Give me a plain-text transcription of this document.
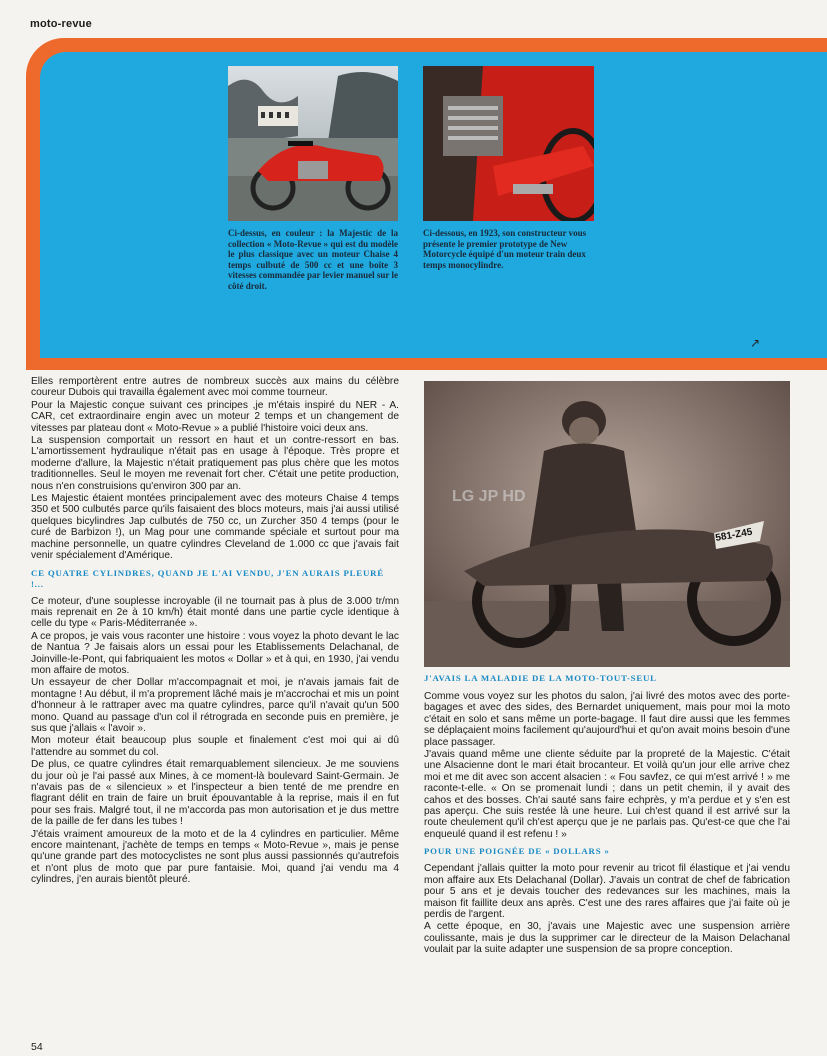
moto-revue
Ci-dessus, en couleur : la Majestic de la collection « Moto-Revue » qui est du modèle le plus classique avec un moteur Chaise 4 temps culbuté de 500 cc et une boîte 3 vitesses commandée par levier manuel sur le côté droit.
Ci-dessous, en 1923, son constructeur vous présente le premier prototype de New Motorcycle équipé d'un moteur train deux temps monocylindre.
↗

Elles remportèrent entre autres de nombreux succès aux mains du célèbre coureur Dubois qui travailla également avec moi comme tourneur.

Pour la Majestic conçue suivant ces principes ,je m'étais inspiré du NER - A. CAR, cet extraordinaire engin avec un moteur 2 temps et un changement de vitesses par plateau dont « Moto-Revue » a publié l'histoire voici deux ans.

La suspension comportait un ressort en haut et un contre-ressort en bas. L'amortissement hydraulique n'était pas en usage à l'époque. Très propre et moderne d'allure, la Majestic n'était pratiquement pas plus chère que les motos traditionnelles. Seul le moyen me revenait fort cher. C'était une petite production, nous n'en construisions qu'environ 300 par an.

Les Majestic étaient montées principalement avec des moteurs Chaise 4 temps 350 et 500 culbutés parce qu'ils faisaient des blocs moteurs, mais j'ai aussi utilisé quelques bicylindres Jap culbutés de 750 cc, un Zurcher 350 4 temps (pour le curé de Barbizon !), un Mag pour une commande spéciale et surtout pour ma machine personnelle, un quatre cylindres Cleveland de 1.000 cc que j'avais fait venir spécialement d'Amérique.

CE QUATRE CYLINDRES, QUAND JE L'AI VENDU, J'EN AURAIS PLEURÉ !...

Ce moteur, d'une souplesse incroyable (il ne tournait pas à plus de 3.000 tr/mn mais reprenait en 2e à 10 km/h) était monté dans une partie cycle identique à celle du type « Paris-Méditerranée ».

A ce propos, je vais vous raconter une histoire : vous voyez la photo devant le lac de Nantua ? Je faisais alors un essai pour les Etablissements Delachanal, de Joinville-le-Pont, qui fabriquaient les motos « Dollar » et à qui, en 1930, j'ai vendu mon affaire de motos.

Un essayeur de cher Dollar m'accompagnait et moi, je n'avais jamais fait de montagne ! Au début, il m'a proprement lâché mais je m'accrochai et mis un point d'honneur à le rattraper avec ma quatre cylindres, parce qu'il n'avait qu'un 500 mono. Quand au passage d'un col il rétrograda en seconde puis en première, je sus que j'allais « l'avoir ».

Mon moteur était beaucoup plus souple et finalement c'est moi qui ai dû l'attendre au sommet du col.

De plus, ce quatre cylindres était remarquablement silencieux. Je me souviens du jour où je l'ai passé aux Mines, à ce moment-là boulevard Saint-Germain. Je n'avais pas de « silencieux » et l'inspecteur a bien tenté de me prendre en flagrant délit en train de faire un bruit épouvantable à la reprise, mais il en fut pour ses frais. Malgré tout, il ne m'accorda pas mon autorisation et je dus mettre de la paille de fer dans les tubes !

J'étais vraiment amoureux de la moto et de la 4 cylindres en particulier. Même encore maintenant, j'achète de temps en temps « Moto-Revue », mais je pense qu'une grande part des motocyclistes ne sont plus aussi passionnés qu'autrefois et n'ont plus de moto que par pure fantaisie. Moi, quand j'ai vendu ma 4 cylindres, j'en aurais bientôt pleuré.

581-Z45
LG JP HD
J'AVAIS LA MALADIE DE LA MOTO-TOUT-SEUL

Comme vous voyez sur les photos du salon, j'ai livré des motos avec des porte-bagages et avec des sides, des Bernardet uniquement, mais pour moi la moto c'était en solo et sans même un porte-bagage. Il faut dire aussi que les femmes se déplaçaient moins facilement qu'aujourd'hui et qu'on avait moins besoin d'une place passager.

J'avais quand même une cliente séduite par la propreté de la Majestic. C'était une Alsacienne dont le mari était brocanteur. Et voilà qu'un jour elle arrive chez moi et me dit avec son accent alsacien : « Fou savfez, ce qui m'est arrivé ! » me raconte-t-elle. « On se promenait lundi ; dans un petit chemin, il y avait des cahos et des bosses. Ch'ai sauté sans faire echprès, y m'a perdue et y s'en est pas aperçu. Che suis restée là une heure. Lui ch'est quand il est arrivé sur la route cheulement qu'il ch'est aperçu que je ne parlais pas. Qu'est-ce que che l'ai enqueulé quand il est refenu ! »

POUR UNE POIGNÉE DE « DOLLARS »

Cependant j'allais quitter la moto pour revenir au tricot fil élastique et j'ai vendu mon affaire aux Ets Delachanal (Dollar). J'avais un contrat de chef de fabrication pour 5 ans et je devais toucher des redevances sur les machines, mais la maison fit faillite deux ans après. C'est une des rares affaires que j'ai faite où je perdis de l'argent.

A cette époque, en 30, j'avais une Majestic avec une suspension arrière coulissante, mais je dus la supprimer car le directeur de la Maison Delachanal voulait par la suite adapter une suspension de sa propre conception.

54
